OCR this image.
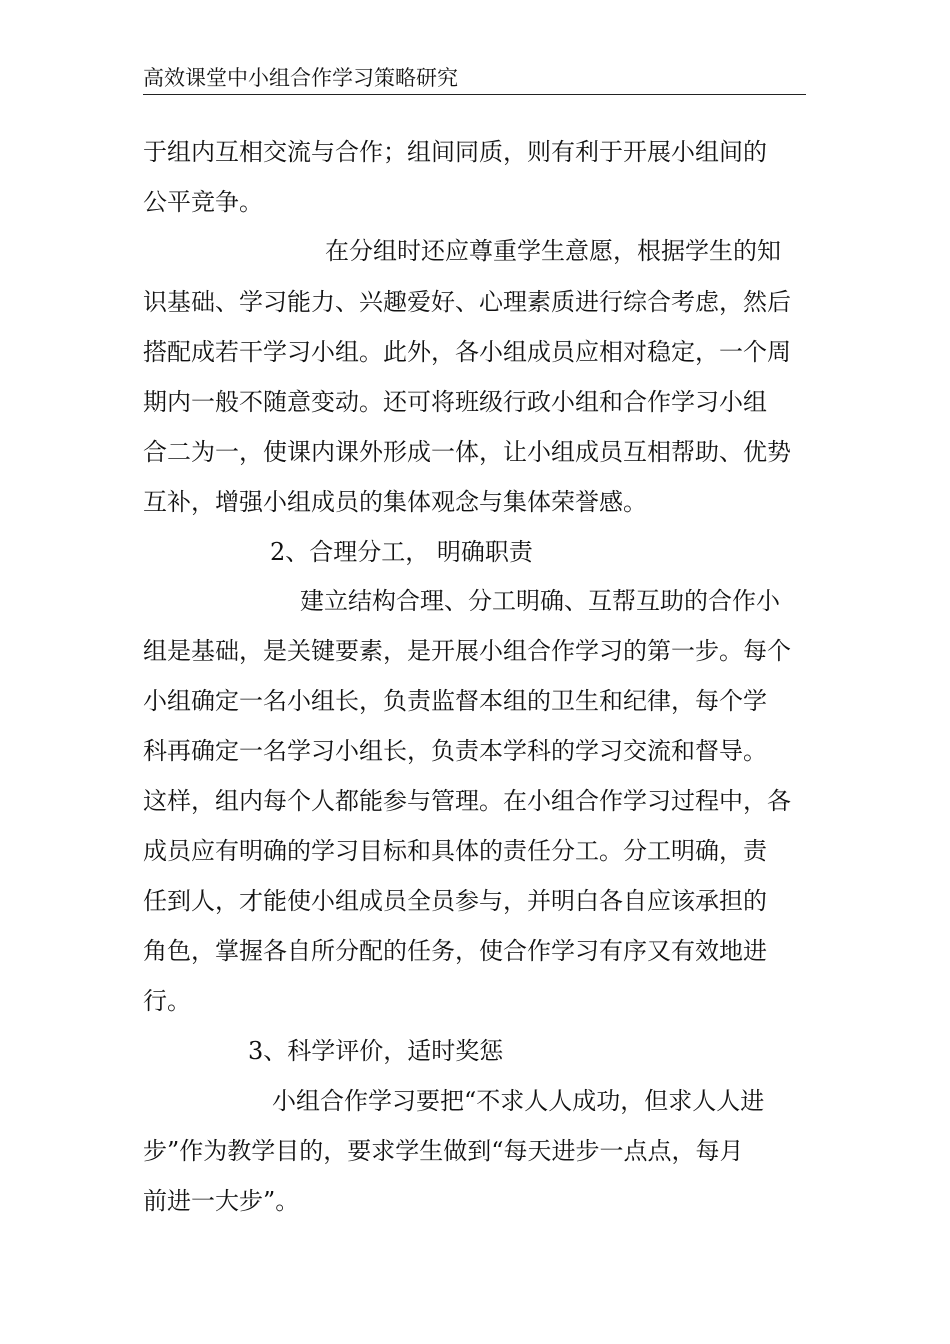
高效课堂中小组合作学习策略研究
于组内互相交流与合作；组间同质，则有利于开展小组间的
公平竞争。
在分组时还应尊重学生意愿，根据学生的知
识基础、学习能力、兴趣爱好、心理素质进行综合考虑，然后
搭配成若干学习小组。此外，各小组成员应相对稳定，一个周
期内一般不随意变动。还可将班级行政小组和合作学习小组
合二为一，使课内课外形成一体，让小组成员互相帮助、优势
互补，增强小组成员的集体观念与集体荣誉感。
2、合理分工， 明确职责
建立结构合理、分工明确、互帮互助的合作小
组是基础，是关键要素，是开展小组合作学习的第一步。每个
小组确定一名小组长，负责监督本组的卫生和纪律，每个学
科再确定一名学习小组长，负责本学科的学习交流和督导。
这样，组内每个人都能参与管理。在小组合作学习过程中，各
成员应有明确的学习目标和具体的责任分工。分工明确，责
任到人，才能使小组成员全员参与，并明白各自应该承担的
角色，掌握各自所分配的任务，使合作学习有序又有效地进
行。
3、科学评价，适时奖惩
小组合作学习要把“不求人人成功，但求人人进
步”作为教学目的，要求学生做到“每天进步一点点，每月
前进一大步”。
